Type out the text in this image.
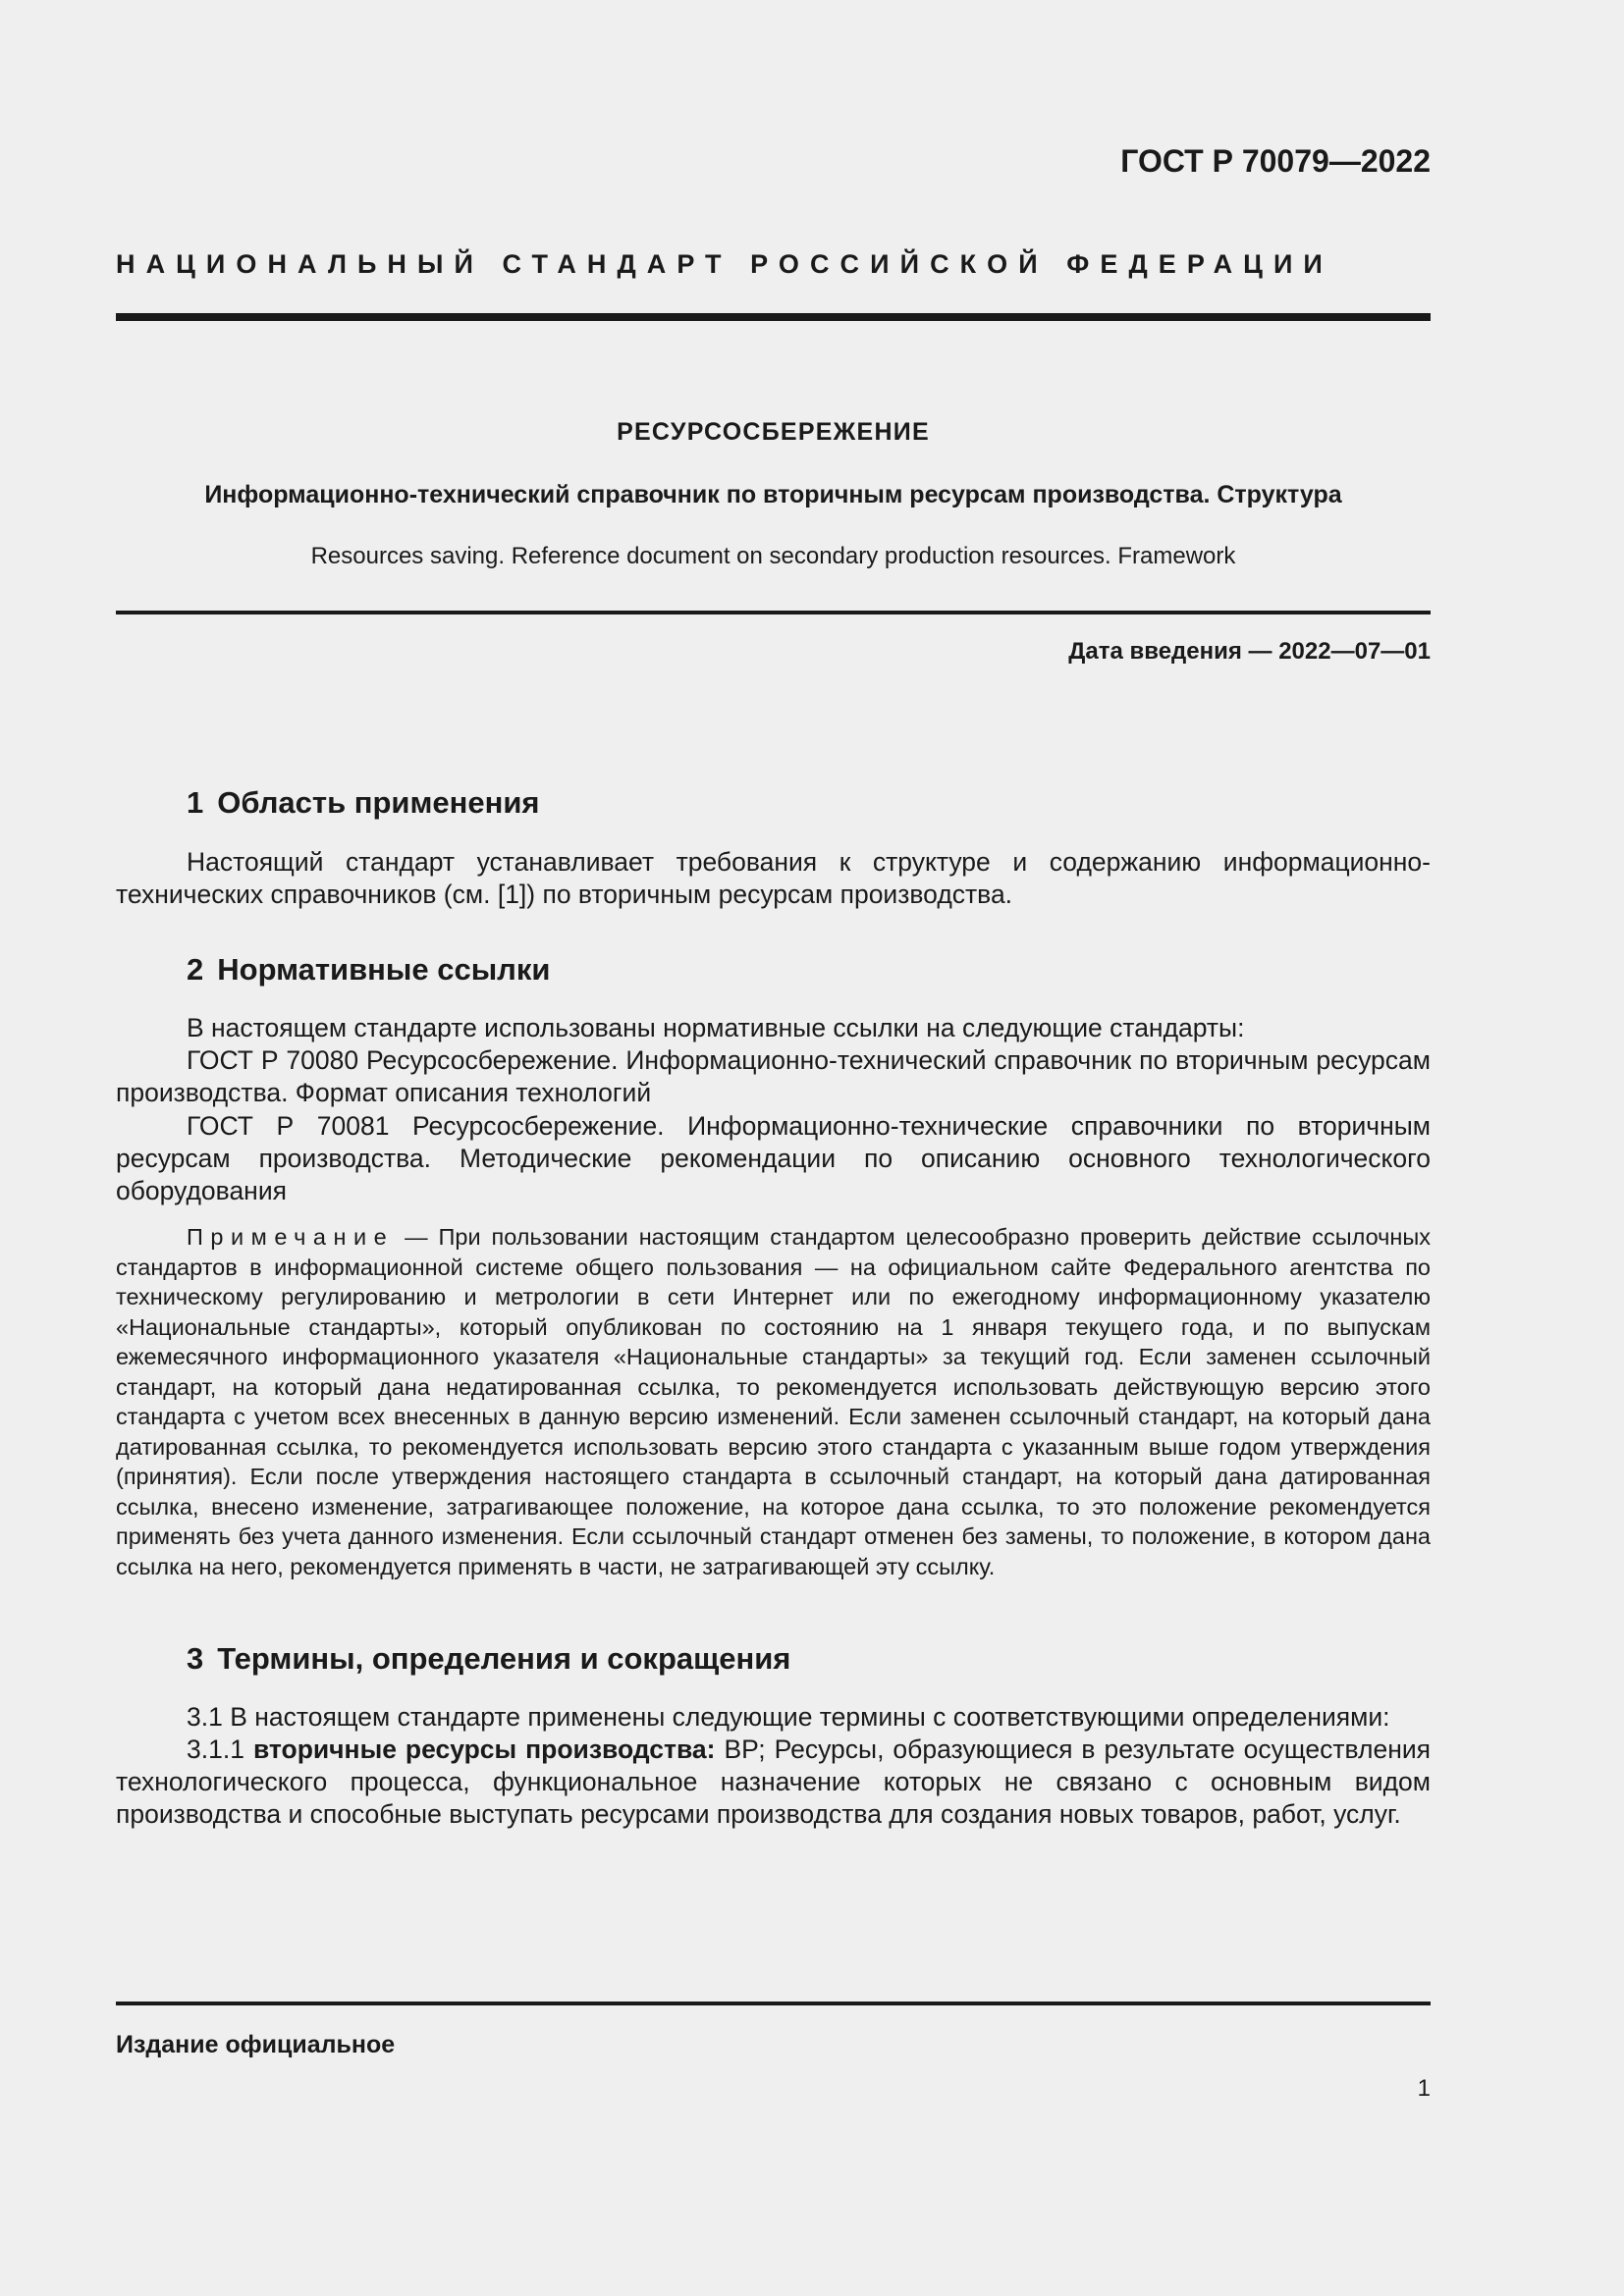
ГОСТ Р 70079—2022
НАЦИОНАЛЬНЫЙ СТАНДАРТ РОССИЙСКОЙ ФЕДЕРАЦИИ
РЕСУРСОСБЕРЕЖЕНИЕ
Информационно-технический справочник по вторичным ресурсам производства. Структура
Resources saving. Reference document on secondary production resources. Framework
Дата введения — 2022—07—01
1 Область применения

Настоящий стандарт устанавливает требования к структуре и содержанию информационно-технических справочников (см. [1]) по вторичным ресурсам производства.

2 Нормативные ссылки

В настоящем стандарте использованы нормативные ссылки на следующие стандарты:

ГОСТ Р 70080 Ресурсосбережение. Информационно-технический справочник по вторичным ресурсам производства. Формат описания технологий

ГОСТ Р 70081 Ресурсосбережение. Информационно-технические справочники по вторичным ресурсам производства. Методические рекомендации по описанию основного технологического оборудования

Примечание — При пользовании настоящим стандартом целесообразно проверить действие ссылочных стандартов в информационной системе общего пользования — на официальном сайте Федерального агентства по техническому регулированию и метрологии в сети Интернет или по ежегодному информационному указателю «Национальные стандарты», который опубликован по состоянию на 1 января текущего года, и по выпускам ежемесячного информационного указателя «Национальные стандарты» за текущий год. Если заменен ссылочный стандарт, на который дана недатированная ссылка, то рекомендуется использовать действующую версию этого стандарта с учетом всех внесенных в данную версию изменений. Если заменен ссылочный стандарт, на который дана датированная ссылка, то рекомендуется использовать версию этого стандарта с указанным выше годом утверждения (принятия). Если после утверждения настоящего стандарта в ссылочный стандарт, на который дана датированная ссылка, внесено изменение, затрагивающее положение, на которое дана ссылка, то это положение рекомендуется применять без учета данного изменения. Если ссылочный стандарт отменен без замены, то положение, в котором дана ссылка на него, рекомендуется применять в части, не затрагивающей эту ссылку.

3 Термины, определения и сокращения

3.1 В настоящем стандарте применены следующие термины с соответствующими определениями:

3.1.1 вторичные ресурсы производства: ВР; Ресурсы, образующиеся в результате осуществления технологического процесса, функциональное назначение которых не связано с основным видом производства и способные выступать ресурсами производства для создания новых товаров, работ, услуг.

Издание официальное
1
